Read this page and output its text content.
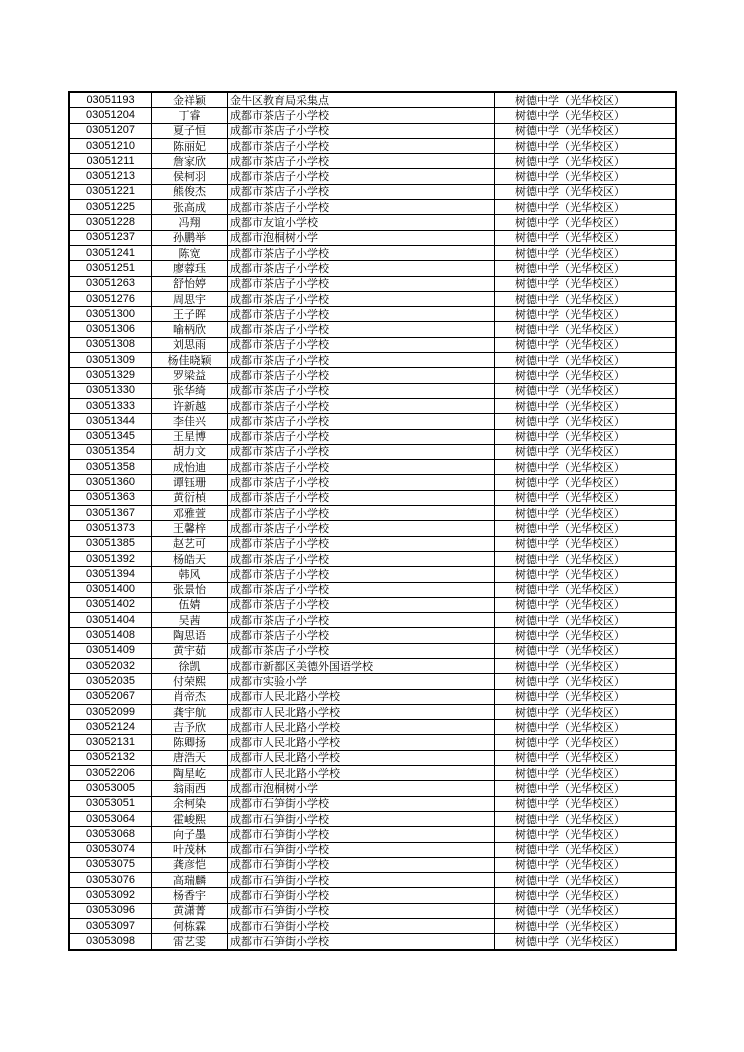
03051193	金祥颖	金牛区教育局采集点	树德中学（光华校区）
03051204	丁睿	成都市茶店子小学校	树德中学（光华校区）
03051207	夏子恒	成都市茶店子小学校	树德中学（光华校区）
03051210	陈丽妃	成都市茶店子小学校	树德中学（光华校区）
03051211	詹家欣	成都市茶店子小学校	树德中学（光华校区）
03051213	侯柯羽	成都市茶店子小学校	树德中学（光华校区）
03051221	熊俊杰	成都市茶店子小学校	树德中学（光华校区）
03051225	张高成	成都市茶店子小学校	树德中学（光华校区）
03051228	冯翔	成都市友谊小学校	树德中学（光华校区）
03051237	孙鹏举	成都市泡桐树小学	树德中学（光华校区）
03051241	陈宽	成都市茶店子小学校	树德中学（光华校区）
03051251	廖蓉珏	成都市茶店子小学校	树德中学（光华校区）
03051263	舒怡婷	成都市茶店子小学校	树德中学（光华校区）
03051276	周思宇	成都市茶店子小学校	树德中学（光华校区）
03051300	王子晖	成都市茶店子小学校	树德中学（光华校区）
03051306	喻柄欣	成都市茶店子小学校	树德中学（光华校区）
03051308	刘思雨	成都市茶店子小学校	树德中学（光华校区）
03051309	杨佳晓颖	成都市茶店子小学校	树德中学（光华校区）
03051329	罗梁益	成都市茶店子小学校	树德中学（光华校区）
03051330	张华绮	成都市茶店子小学校	树德中学（光华校区）
03051333	许新越	成都市茶店子小学校	树德中学（光华校区）
03051344	李佳兴	成都市茶店子小学校	树德中学（光华校区）
03051345	王星博	成都市茶店子小学校	树德中学（光华校区）
03051354	胡力文	成都市茶店子小学校	树德中学（光华校区）
03051358	成怡迪	成都市茶店子小学校	树德中学（光华校区）
03051360	谭钰珊	成都市茶店子小学校	树德中学（光华校区）
03051363	黄衍楨	成都市茶店子小学校	树德中学（光华校区）
03051367	邓雅萱	成都市茶店子小学校	树德中学（光华校区）
03051373	王馨梓	成都市茶店子小学校	树德中学（光华校区）
03051385	赵艺可	成都市茶店子小学校	树德中学（光华校区）
03051392	杨皓天	成都市茶店子小学校	树德中学（光华校区）
03051394	韩风	成都市茶店子小学校	树德中学（光华校区）
03051400	张景怡	成都市茶店子小学校	树德中学（光华校区）
03051402	伍婧	成都市茶店子小学校	树德中学（光华校区）
03051404	吴茜	成都市茶店子小学校	树德中学（光华校区）
03051408	陶思语	成都市茶店子小学校	树德中学（光华校区）
03051409	黄宇茹	成都市茶店子小学校	树德中学（光华校区）
03052032	徐凯	成都市新都区美德外国语学校	树德中学（光华校区）
03052035	付荣熙	成都市实验小学	树德中学（光华校区）
03052067	肖帝杰	成都市人民北路小学校	树德中学（光华校区）
03052099	龚宇航	成都市人民北路小学校	树德中学（光华校区）
03052124	吉予欣	成都市人民北路小学校	树德中学（光华校区）
03052131	陈卿扬	成都市人民北路小学校	树德中学（光华校区）
03052132	唐浩天	成都市人民北路小学校	树德中学（光华校区）
03052206	陶星屹	成都市人民北路小学校	树德中学（光华校区）
03053005	翁雨西	成都市泡桐树小学	树德中学（光华校区）
03053051	余柯染	成都市石笋街小学校	树德中学（光华校区）
03053064	霍峻熙	成都市石笋街小学校	树德中学（光华校区）
03053068	向子墨	成都市石笋街小学校	树德中学（光华校区）
03053074	叶茂林	成都市石笋街小学校	树德中学（光华校区）
03053075	龚彦恺	成都市石笋街小学校	树德中学（光华校区）
03053076	高瑞麟	成都市石笋街小学校	树德中学（光华校区）
03053092	杨香宇	成都市石笋街小学校	树德中学（光华校区）
03053096	黄潇菁	成都市石笋街小学校	树德中学（光华校区）
03053097	何栋霖	成都市石笋街小学校	树德中学（光华校区）
03053098	雷艺雯	成都市石笋街小学校	树德中学（光华校区）
